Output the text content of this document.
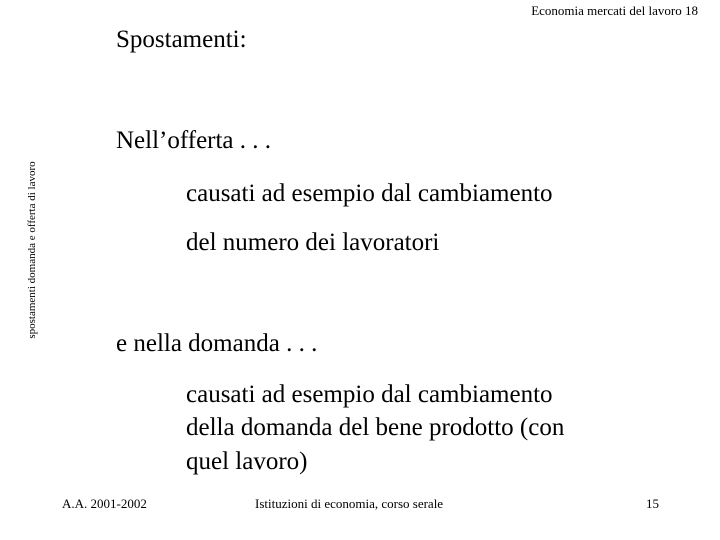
Economia mercati del lavoro 18
Spostamenti:
spostamenti domanda e offerta di lavoro
Nell’offerta . . .
causati ad esempio dal cambiamento
del numero dei lavoratori
e nella domanda . . .
causati ad esempio dal cambiamento
della domanda del bene prodotto (con
quel lavoro)
A.A. 2001-2002	Istituzioni di economia, corso serale	15
